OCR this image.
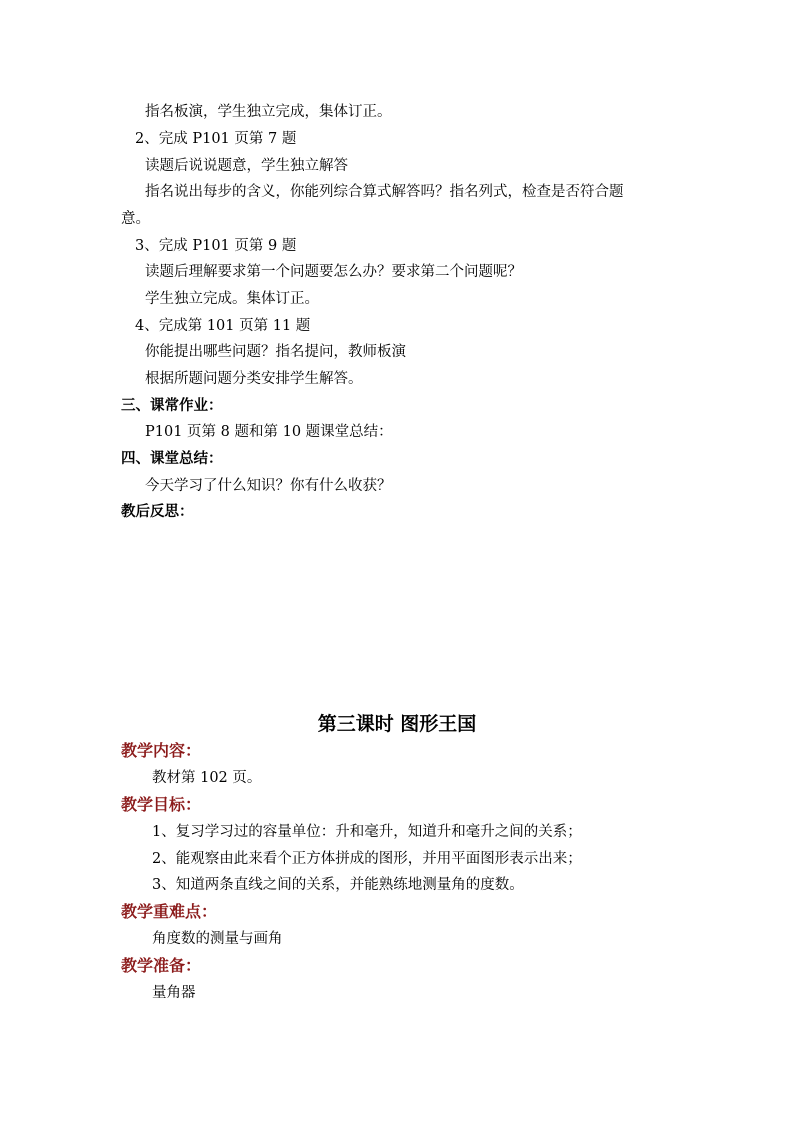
指名板演，学生独立完成，集体订正。
2、完成 P101 页第 7 题
读题后说说题意，学生独立解答
指名说出每步的含义，你能列综合算式解答吗？指名列式，检查是否符合题
意。
3、完成 P101 页第 9 题
读题后理解要求第一个问题要怎么办？要求第二个问题呢？
学生独立完成。集体订正。
4、完成第 101 页第 11 题
你能提出哪些问题？指名提问，教师板演
根据所题问题分类安排学生解答。
三、课常作业：
P101 页第 8 题和第 10 题课堂总结：
四、课堂总结：
今天学习了什么知识？你有什么收获？
教后反思：
第三课时 图形王国
教学内容：
教材第 102 页。
教学目标：
1、复习学习过的容量单位：升和毫升，知道升和毫升之间的关系；
2、能观察由此来看个正方体拼成的图形，并用平面图形表示出来；
3、知道两条直线之间的关系，并能熟练地测量角的度数。
教学重难点：
角度数的测量与画角
教学准备：
量角器
